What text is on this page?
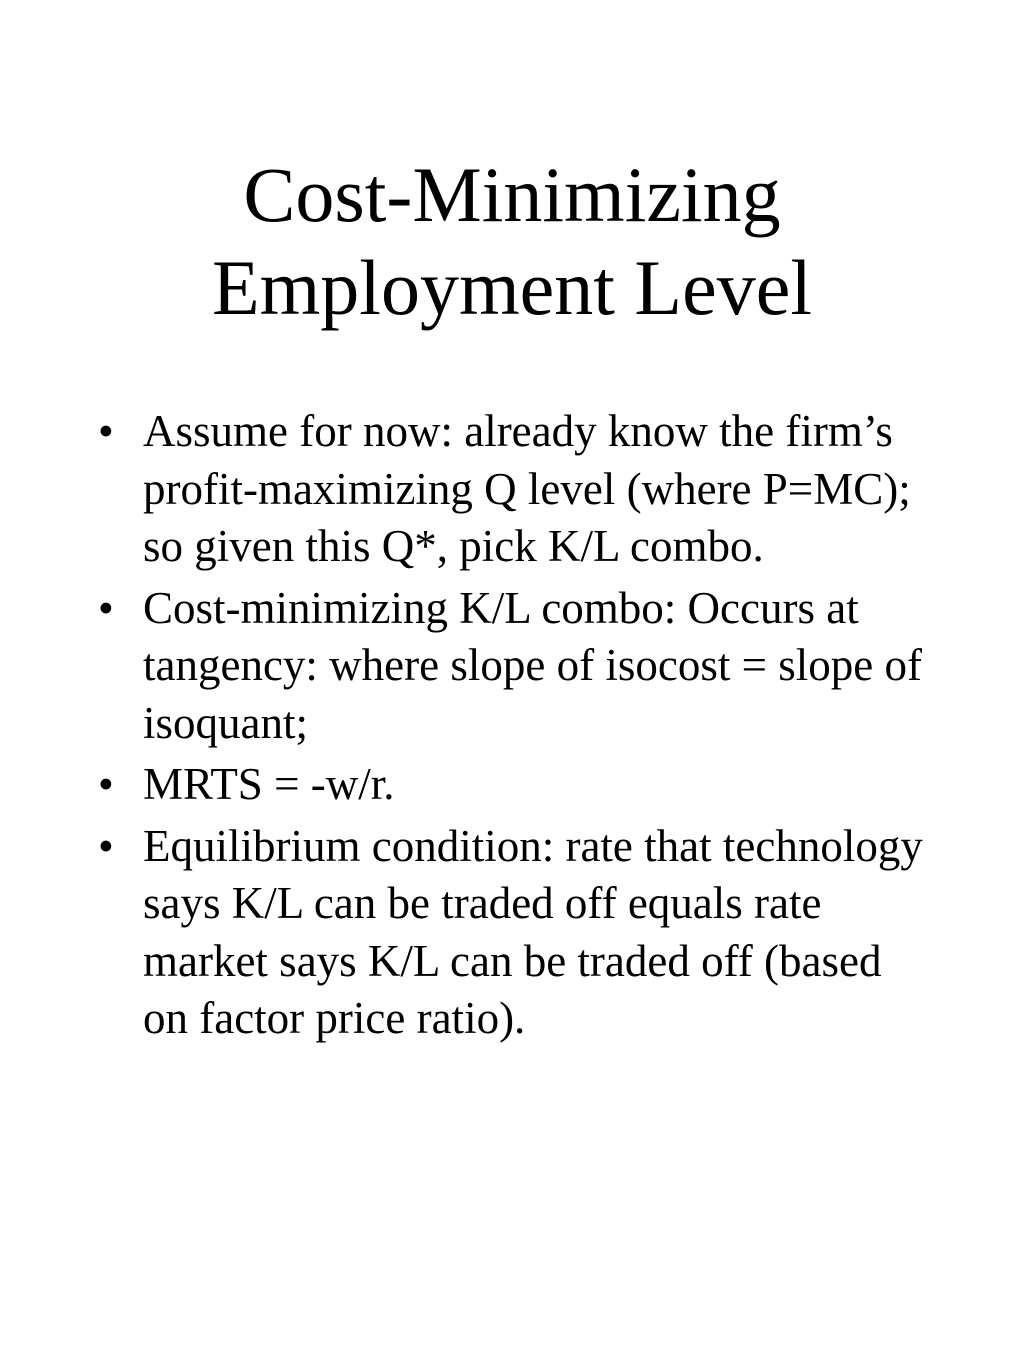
Cost-Minimizing
Employment Level
• Assume for now: already know the firm’s profit-maximizing Q level (where P=MC); so given this Q*, pick K/L combo.
• Cost-minimizing K/L combo: Occurs at tangency: where slope of isocost = slope of isoquant;
• MRTS = -w/r.
• Equilibrium condition: rate that technology says K/L can be traded off equals rate market says K/L can be traded off (based on factor price ratio).
